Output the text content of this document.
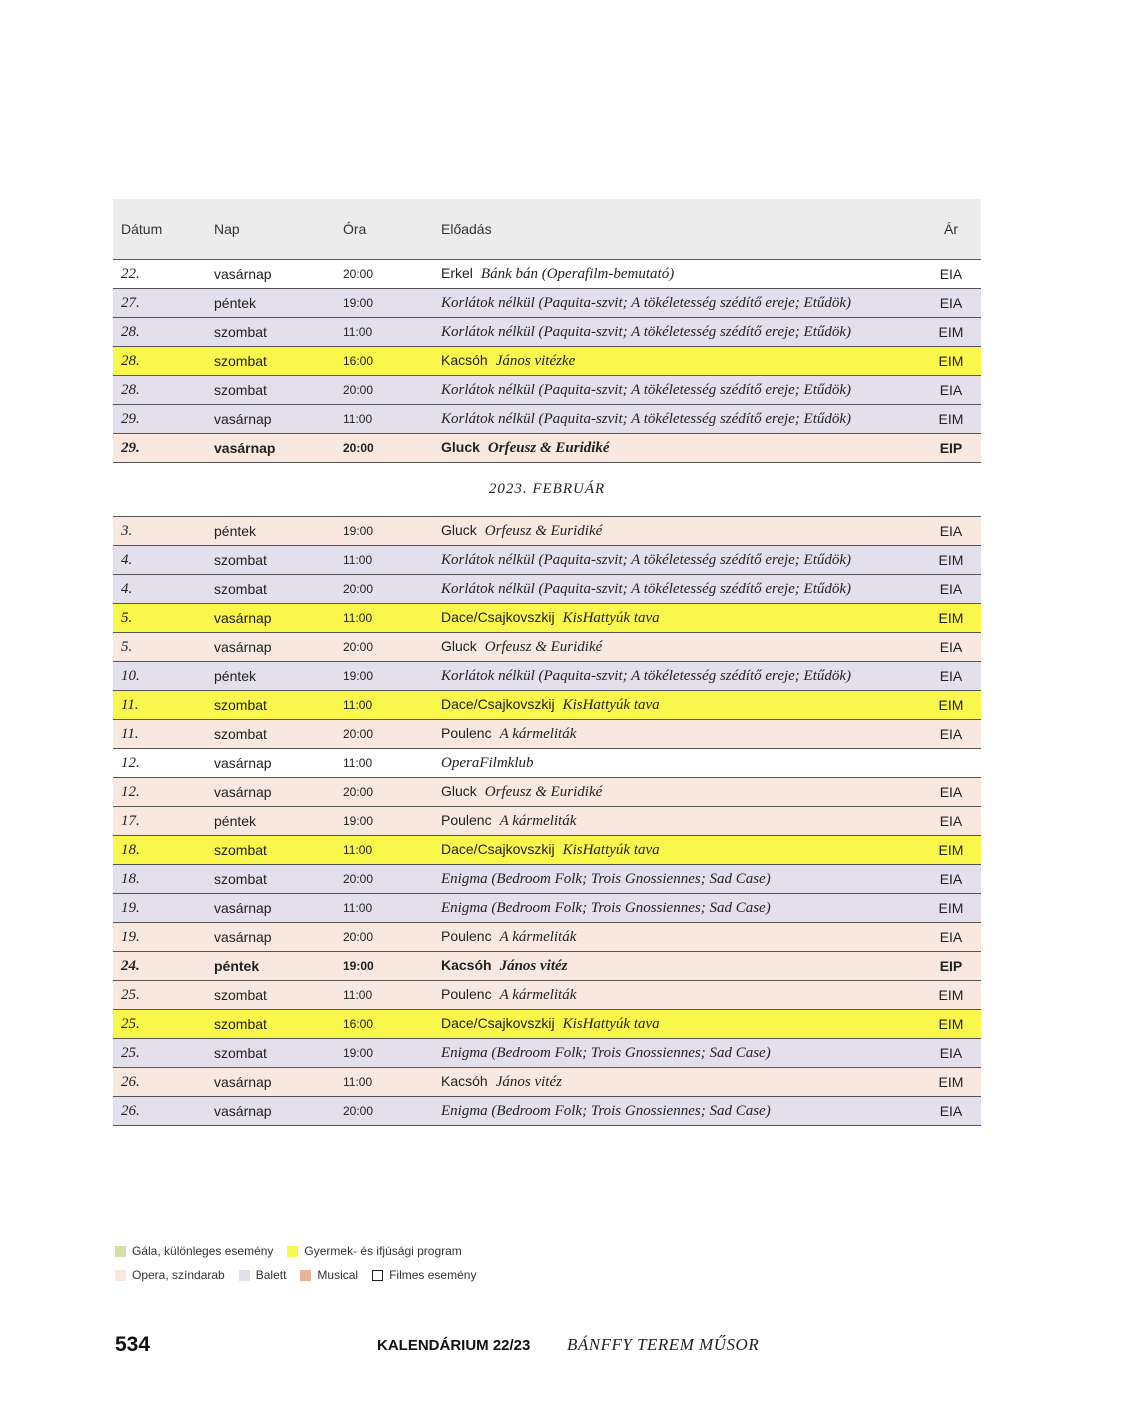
Dátum	Nap	Óra	Előadás	Ár
22.	vasárnap	20:00	Erkel Bánk bán (Operafilm-bemutató)	EIA
27.	péntek	19:00	Korlátok nélkül (Paquita-szvit; A tökéletesség szédítő ereje; Etűdök)	EIA
28.	szombat	11:00	Korlátok nélkül (Paquita-szvit; A tökéletesség szédítő ereje; Etűdök)	EIM
28.	szombat	16:00	Kacsóh János vitézke	EIM
28.	szombat	20:00	Korlátok nélkül (Paquita-szvit; A tökéletesség szédítő ereje; Etűdök)	EIA
29.	vasárnap	11:00	Korlátok nélkül (Paquita-szvit; A tökéletesség szédítő ereje; Etűdök)	EIM
29.	vasárnap	20:00	Gluck Orfeusz & Euridiké	EIP
2023. FEBRUÁR
3.	péntek	19:00	Gluck Orfeusz & Euridiké	EIA
4.	szombat	11:00	Korlátok nélkül (Paquita-szvit; A tökéletesség szédítő ereje; Etűdök)	EIM
4.	szombat	20:00	Korlátok nélkül (Paquita-szvit; A tökéletesség szédítő ereje; Etűdök)	EIA
5.	vasárnap	11:00	Dace/Csajkovszkij KisHattyúk tava	EIM
5.	vasárnap	20:00	Gluck Orfeusz & Euridiké	EIA
10.	péntek	19:00	Korlátok nélkül (Paquita-szvit; A tökéletesség szédítő ereje; Etűdök)	EIA
11.	szombat	11:00	Dace/Csajkovszkij KisHattyúk tava	EIM
11.	szombat	20:00	Poulenc A kármeliták	EIA
12.	vasárnap	11:00	OperaFilmklub
12.	vasárnap	20:00	Gluck Orfeusz & Euridiké	EIA
17.	péntek	19:00	Poulenc A kármeliták	EIA
18.	szombat	11:00	Dace/Csajkovszkij KisHattyúk tava	EIM
18.	szombat	20:00	Enigma (Bedroom Folk; Trois Gnossiennes; Sad Case)	EIA
19.	vasárnap	11:00	Enigma (Bedroom Folk; Trois Gnossiennes; Sad Case)	EIM
19.	vasárnap	20:00	Poulenc A kármeliták	EIA
24.	péntek	19:00	Kacsóh János vitéz	EIP
25.	szombat	11:00	Poulenc A kármeliták	EIM
25.	szombat	16:00	Dace/Csajkovszkij KisHattyúk tava	EIM
25.	szombat	19:00	Enigma (Bedroom Folk; Trois Gnossiennes; Sad Case)	EIA
26.	vasárnap	11:00	Kacsóh János vitéz	EIM
26.	vasárnap	20:00	Enigma (Bedroom Folk; Trois Gnossiennes; Sad Case)	EIA
Gála, különleges esemény	Gyermek- és ifjúsági program
Opera, színdarab	Balett	Musical	Filmes esemény
534	KALENDÁRIUM 22/23 BÁNFFY TEREM MŰSOR
